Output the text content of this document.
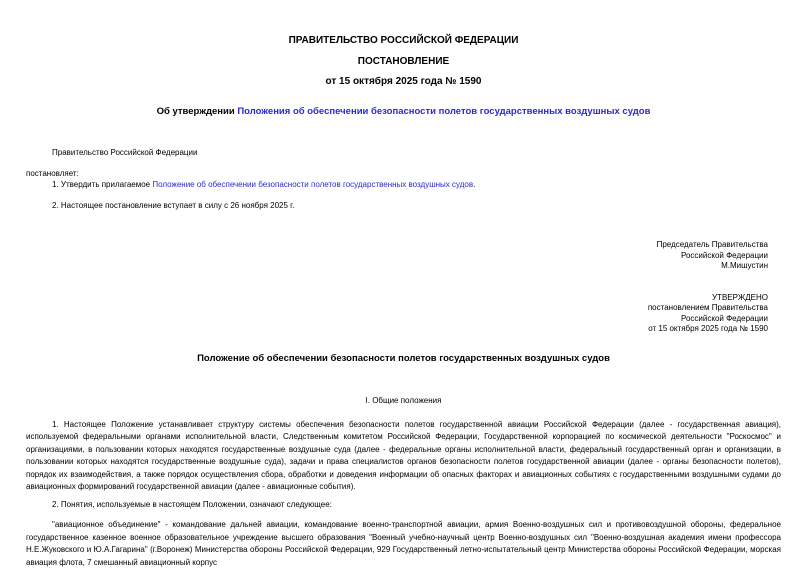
ПРАВИТЕЛЬСТВО РОССИЙСКОЙ ФЕДЕРАЦИИ
ПОСТАНОВЛЕНИЕ
от 15 октября 2025 года № 1590
Об утверждении Положения об обеспечении безопасности полетов государственных воздушных судов

Правительство Российской Федерации

постановляет:

1. Утвердить прилагаемое Положение об обеспечении безопасности полетов государственных воздушных судов.

2. Настоящее постановление вступает в силу с 26 ноября 2025 г.

Председатель Правительства
Российской Федерации
М.Мишустин
УТВЕРЖДЕНО
постановлением Правительства
Российской Федерации
от 15 октября 2025 года № 1590
Положение об обеспечении безопасности полетов государственных воздушных судов
I. Общие положения

1. Настоящее Положение устанавливает структуру системы обеспечения безопасности полетов государственной авиации Российской Федерации (далее - государственная авиация), используемой федеральными органами исполнительной власти, Следственным комитетом Российской Федерации, Государственной корпорацией по космической деятельности "Роскосмос" и организациями, в пользовании которых находятся государственные воздушные суда (далее - федеральные органы исполнительной власти, федеральный государственный орган и организации, в пользовании которых находятся государственные воздушные суда), задачи и права специалистов органов безопасности полетов государственной авиации (далее - органы безопасности полетов), порядок их взаимодействия, а также порядок осуществления сбора, обработки и доведения информации об опасных факторах и авиационных событиях с государственными воздушными судами до авиационных формирований государственной авиации (далее - авиационные события).

2. Понятия, используемые в настоящем Положении, означают следующее:

"авиационное объединение" - командование дальней авиации, командование военно-транспортной авиации, армия Военно-воздушных сил и противовоздушной обороны, федеральное государственное казенное военное образовательное учреждение высшего образования "Военный учебно-научный центр Военно-воздушных сил "Военно-воздушная академия имени профессора Н.Е.Жуковского и Ю.А.Гагарина" (г.Воронеж) Министерства обороны Российской Федерации, 929 Государственный летно-испытательный центр Министерства обороны Российской Федерации, морская авиация флота, 7 смешанный авиационный корпус
